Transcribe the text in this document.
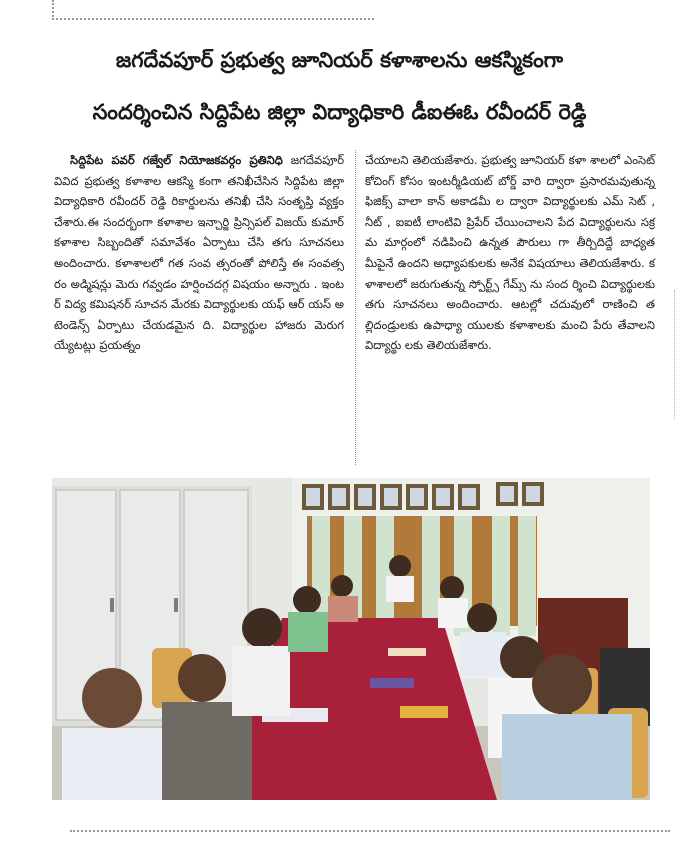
జగదేవపూర్ ప్రభుత్వ జూనియర్ కళాశాలను ఆకస్మికంగా
సందర్శించిన సిద్దిపేట జిల్లా విద్యాధికారి డీఐఈఓ రవీందర్ రెడ్డి
సిద్దిపేట పవర్ గజ్వేల్ నియోజకవర్గం ప్రతినిధి జగదేవపూర్ వివిద ప్రభుత్వ కళాశాల ఆకస్మి కంగా తనిఖీచేసిన సిద్దిపేట జిల్లా విద్యాధికారి రవీందర్ రెడ్డి రికార్డులను తనిఖీ చేసి సంతృప్తి వ్యక్తం చేశారు.ఈ సందర్బంగా కళాశాల ఇన్చార్జి ప్రిన్సిపల్ విజయ్ కుమార్ కళాశాల సిబ్బందితో సమావేశం ఏర్పాటు చేసి తగు సూచనలు అందించారు. కళాశాలలో గత సంవ త్సరంతో పోలిస్తే ఈ సంవత్సరం అడ్మిషన్లు మెరు గవ్వడం హర్షించదగ్గ విషయం అన్నారు . ఇంటర్ విద్య కమిషనర్ సూచన మేరకు విద్యార్థులకు యఫ్ ఆర్ యస్ అటెండెన్స్ ఏర్పాటు చేయడమైన ది. విద్యార్థుల హాజరు మెరుగయ్యేటట్లు ప్రయత్నం
చేయాలని తెలియజేశారు. ప్రభుత్వ జూనియర్ కళా శాలలో ఎంసెట్ కోచింగ్ కోసం ఇంటర్మీడియట్ బోర్డ్ వారి ద్వారా ప్రసారమవుతున్న ఫిజిక్స్ వాలా కాన్ అకాడమీ ల ద్వారా విద్యార్థులకు ఎమ్ సెట్ ,నీట్ , ఐఐటీ లాంటివి ప్రిపేర్ చేయించాలని పేద విద్యార్థులను సక్రమ మార్గంలో నడిపించి ఉన్నత పౌరులు గా తీర్చిదిద్దే బాధ్యత మీపైనే ఉందని అధ్యాపకులకు అనేక విషయాలు తెలియజేశారు. కళాశాలలో జరుగుతున్న స్పోర్ట్స్ గేమ్స్ ను సంద ర్శించి విద్యార్థులకు తగు సూచనలు అందించారు. ఆటల్లో చదువులో రాణించి తల్లిదండ్రులకు ఉపాధ్యా యులకు కళాశాలకు మంచి పేరు తేవాలని విద్యార్థు లకు తెలియజేశారు.
